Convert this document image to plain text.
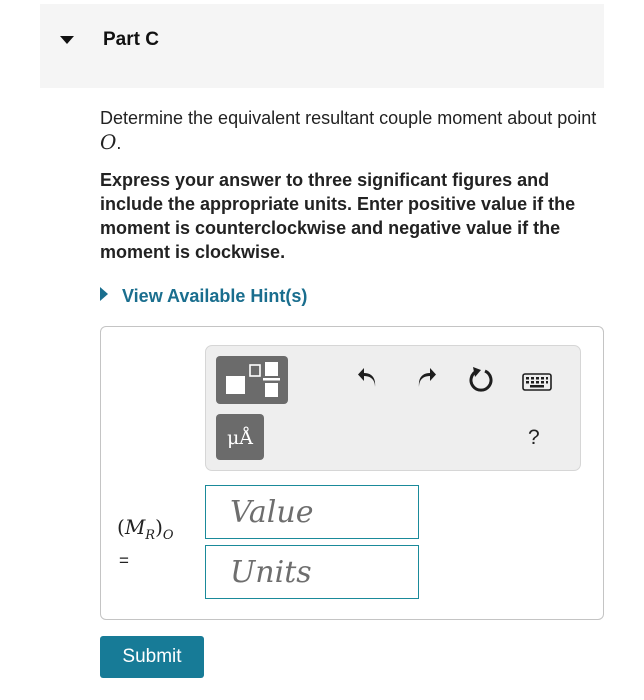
Part C
Determine the equivalent resultant couple moment about point O.
Express your answer to three significant figures and include the appropriate units. Enter positive value if the moment is counterclockwise and negative value if the moment is clockwise.
View Available Hint(s)
μÅ	?
$(M_R)_O$
=
Value
Units
Submit
